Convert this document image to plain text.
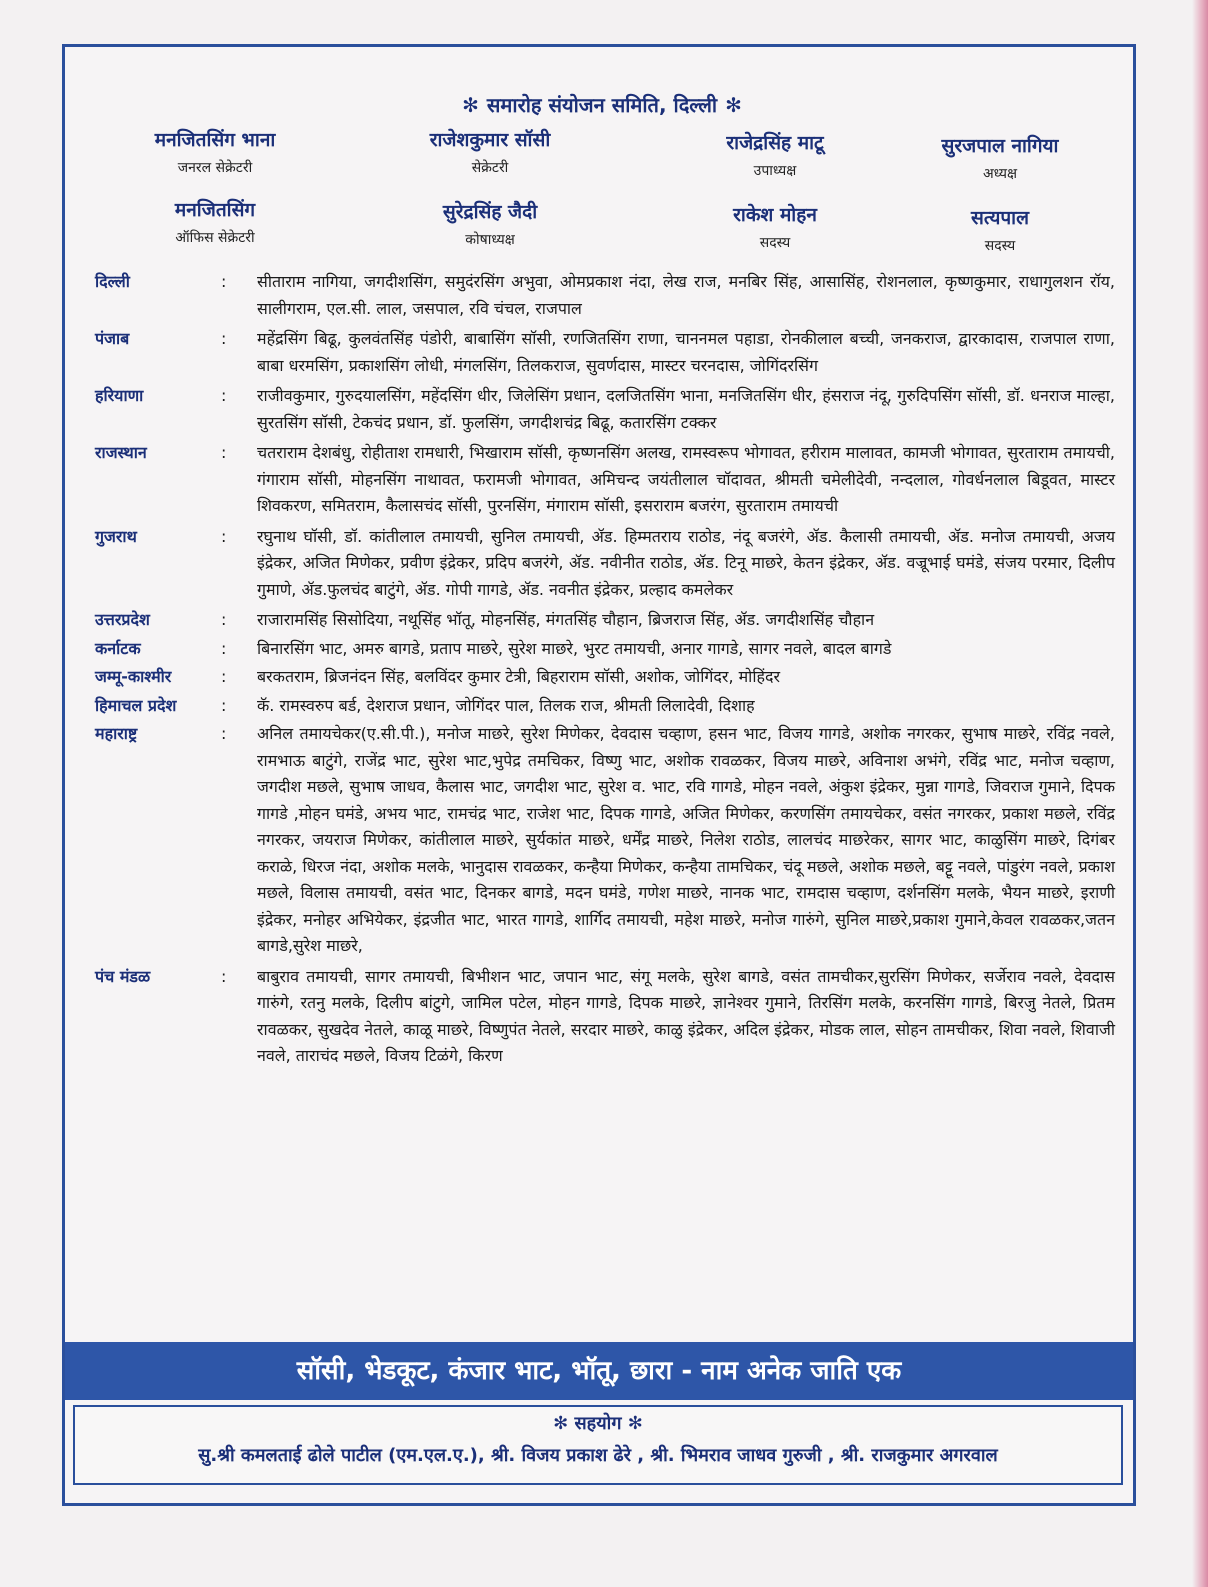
✻ समारोह संयोजन समिति, दिल्ली ✻
मनजितसिंग भाना
जनरल सेक्रेटरी
राजेशकुमार सॉसी
सेक्रेटरी
राजेद्रसिंह माटू
उपाध्यक्ष
सुरजपाल नागिया
अध्यक्ष
मनजितसिंग
ऑफिस सेक्रेटरी
सुरेद्रसिंह जैदी
कोषाध्यक्ष
राकेश मोहन
सदस्य
सत्यपाल
सदस्य
दिल्ली	:	सीताराम नागिया, जगदीशसिंग, समुदंरसिंग अभुवा, ओमप्रकाश नंदा, लेख राज, मनबिर सिंह, आसासिंह, रोशनलाल, कृष्णकुमार, राधागुलशन रॉय, सालीगराम, एल.सी. लाल, जसपाल, रवि चंचल, राजपाल
पंजाब	:	महेंद्रसिंग बिढू, कुलवंतसिंह पंडोरी, बाबासिंग सॉसी, रणजितसिंग राणा, चाननमल पहाडा, रोनकीलाल बच्ची, जनकराज, द्वारकादास, राजपाल राणा, बाबा धरमसिंग, प्रकाशसिंग लोधी, मंगलसिंग, तिलकराज, सुवर्णदास, मास्टर चरनदास, जोगिंदरसिंग
हरियाणा	:	राजीवकुमार, गुरुदयालसिंग, महेंदसिंग धीर, जिलेसिंग प्रधान, दलजितसिंग भाना, मनजितसिंग धीर, हंसराज नंदू, गुरुदिपसिंग सॉसी, डॉ. धनराज माल्हा, सुरतसिंग सॉसी, टेकचंद प्रधान, डॉ. फुलसिंग, जगदीशचंद्र बिढू, कतारसिंग टक्कर
राजस्थान	:	चतराराम देशबंधु, रोहीताश रामधारी, भिखाराम सॉसी, कृष्णनसिंग अलख, रामस्वरूप भोगावत, हरीराम मालावत, कामजी भोगावत, सुरताराम तमायची, गंगाराम सॉसी, मोहनसिंग नाथावत, फरामजी भोगावत, अमिचन्द जयंतीलाल चॉदावत, श्रीमती चमेलीदेवी, नन्दलाल, गोवर्धनलाल बिडूवत, मास्टर शिवकरण, समितराम, कैलासचंद सॉसी, पुरनसिंग, मंगाराम सॉसी, इसराराम बजरंग, सुरताराम तमायची
गुजराथ	:	रघुनाथ घॉसी, डॉ. कांतीलाल तमायची, सुनिल तमायची, ॲड. हिम्मतराय राठोड, नंदू बजरंगे, ॲड. कैलासी तमायची, ॲड. मनोज तमायची, अजय इंद्रेकर, अजित मिणेकर, प्रवीण इंद्रेकर, प्रदिप बजरंगे, ॲड. नवीनीत राठोड, ॲड. टिनू माछरे, केतन इंद्रेकर, ॲड. वज्रूभाई घमंडे, संजय परमार, दिलीप गुमाणे, ॲड.फुलचंद बाटुंगे, ॲड. गोपी गागडे, ॲड. नवनीत इंद्रेकर, प्रल्हाद कमलेकर
उत्तरप्रदेश	:	राजारामसिंह सिसोदिया, नथूसिंह भॉतू, मोहनसिंह, मंगतसिंह चौहान, ब्रिजराज सिंह, ॲड. जगदीशसिंह चौहान
कर्नाटक	:	बिनारसिंग भाट, अमरु बागडे, प्रताप माछरे, सुरेश माछरे, भुरट तमायची, अनार गागडे, सागर नवले, बादल बागडे
जम्मू-काश्मीर	:	बरकतराम, ब्रिजनंदन सिंह, बलविंदर कुमार टेत्री, बिहराराम सॉसी, अशोक, जोगिंदर, मोहिंदर
हिमाचल प्रदेश	:	कॅ. रामस्वरुप बर्ड, देशराज प्रधान, जोगिंदर पाल, तिलक राज, श्रीमती लिलादेवी, दिशाह
महाराष्ट्र	:	अनिल तमायचेकर(ए.सी.पी.), मनोज माछरे, सुरेश मिणेकर, देवदास चव्हाण, हसन भाट, विजय गागडे, अशोक नगरकर, सुभाष माछरे, रविंद्र नवले, रामभाऊ बाटुंगे, राजेंद्र भाट, सुरेश भाट,भुपेद्र तमचिकर, विष्णु भाट, अशोक रावळकर, विजय माछरे, अविनाश अभंगे, रविंद्र भाट, मनोज चव्हाण, जगदीश मछले, सुभाष जाधव, कैलास भाट, जगदीश भाट, सुरेश व. भाट, रवि गागडे, मोहन नवले, अंकुश इंद्रेकर, मुन्ना गागडे, जिवराज गुमाने, दिपक गागडे ,मोहन घमंडे, अभय भाट, रामचंद्र भाट, राजेश भाट, दिपक गागडे, अजित मिणेकर, करणसिंग तमायचेकर, वसंत नगरकर, प्रकाश मछले, रविंद्र नगरकर, जयराज मिणेकर, कांतीलाल माछरे, सुर्यकांत माछरे, धर्मेंद्र माछरे, निलेश राठोड, लालचंद माछरेकर, सागर भाट, काळुसिंग माछरे, दिगंबर कराळे, धिरज नंदा, अशोक मलके, भानुदास रावळकर, कन्हैया मिणेकर, कन्हैया तामचिकर, चंदू मछले, अशोक मछले, बट्टू नवले, पांडुरंग नवले, प्रकाश मछले, विलास तमायची, वसंत भाट, दिनकर बागडे, मदन घमंडे, गणेश माछरे, नानक भाट, रामदास चव्हाण, दर्शनसिंग मलके, भैयन माछरे, इराणी इंद्रेकर, मनोहर अभियेकर, इंद्रजीत भाट, भारत गागडे, शार्गिद तमायची, महेश माछरे, मनोज गारुंगे, सुनिल माछरे,प्रकाश गुमाने,केवल रावळकर,जतन बागडे,सुरेश माछरे,
पंच मंडळ	:	बाबुराव तमायची, सागर तमायची, बिभीशन भाट, जपान भाट, संगू मलके, सुरेश बागडे, वसंत तामचीकर,सुरसिंग मिणेकर, सर्जेराव नवले, देवदास गारुंगे, रतनु मलके, दिलीप बांटुगे, जामिल पटेल, मोहन गागडे, दिपक माछरे, ज्ञानेश्वर गुमाने, तिरसिंग मलके, करनसिंग गागडे, बिरजु नेतले, प्रितम रावळकर, सुखदेव नेतले, काळू माछरे, विष्णुपंत नेतले, सरदार माछरे, काळु इंद्रेकर, अदिल इंद्रेकर, मोडक लाल, सोहन तामचीकर, शिवा नवले, शिवाजी नवले, ताराचंद मछले, विजय टिळंगे, किरण
सॉसी, भेडकूट, कंजार भाट, भॉतू, छारा - नाम अनेक जाति एक
✻ सहयोग ✻
सु.श्री कमलताई ढोले पाटील (एम.एल.ए.), श्री. विजय प्रकाश ढेरे , श्री. भिमराव जाधव गुरुजी , श्री. राजकुमार अगरवाल
